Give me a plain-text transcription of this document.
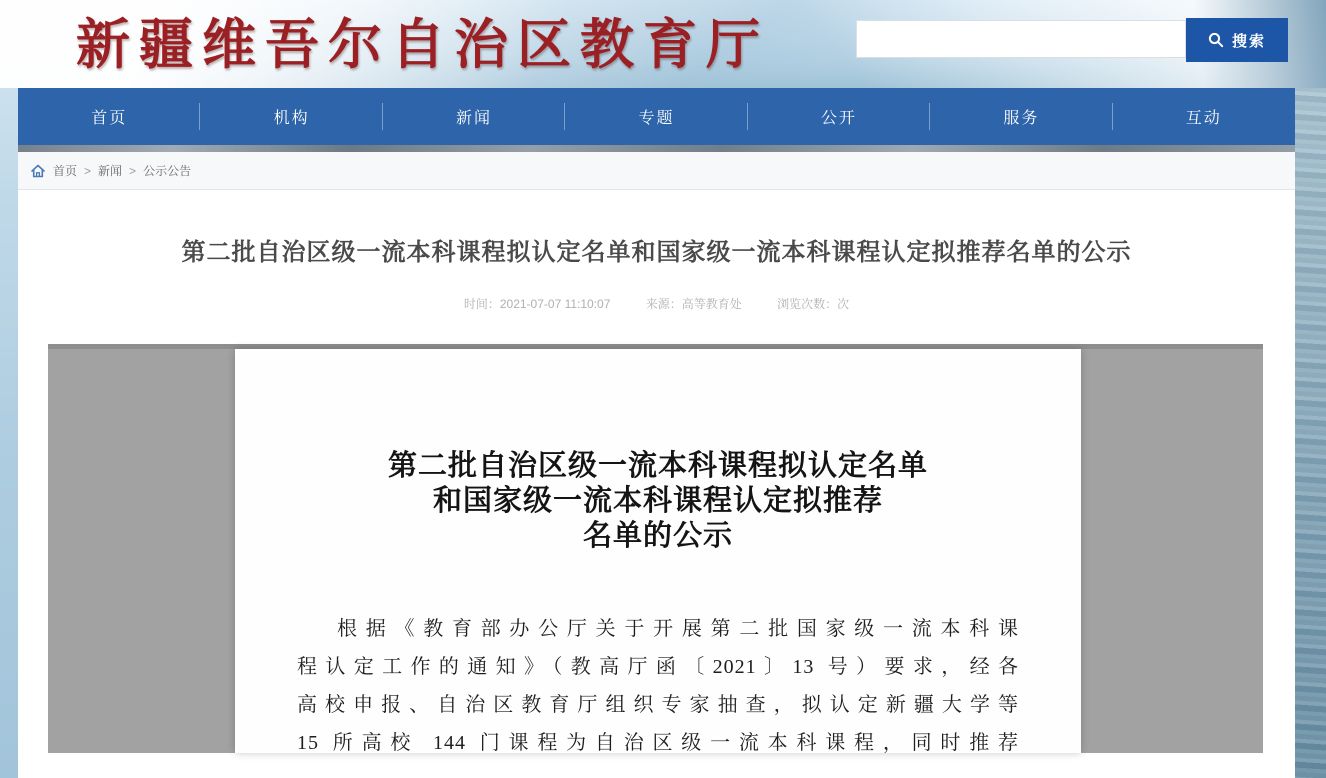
新疆维吾尔自治区教育厅	搜索
首页	机构	新闻	专题	公开	服务	互动
首页 > 新闻 > 公示公告
第二批自治区级一流本科课程拟认定名单和国家级一流本科课程认定拟推荐名单的公示
时间：2021-07-07 11:10:07	来源：高等教育处	浏览次数：次
第二批自治区级一流本科课程拟认定名单
和国家级一流本科课程认定拟推荐
名单的公示
根据《教育部办公厅关于开展第二批国家级一流本科课
程认定工作的通知》（教高厅函〔2021〕13 号）要求，经各
高校申报、自治区教育厅组织专家抽查，拟认定新疆大学等
15 所高校 144 门课程为自治区级一流本科课程，同时推荐
